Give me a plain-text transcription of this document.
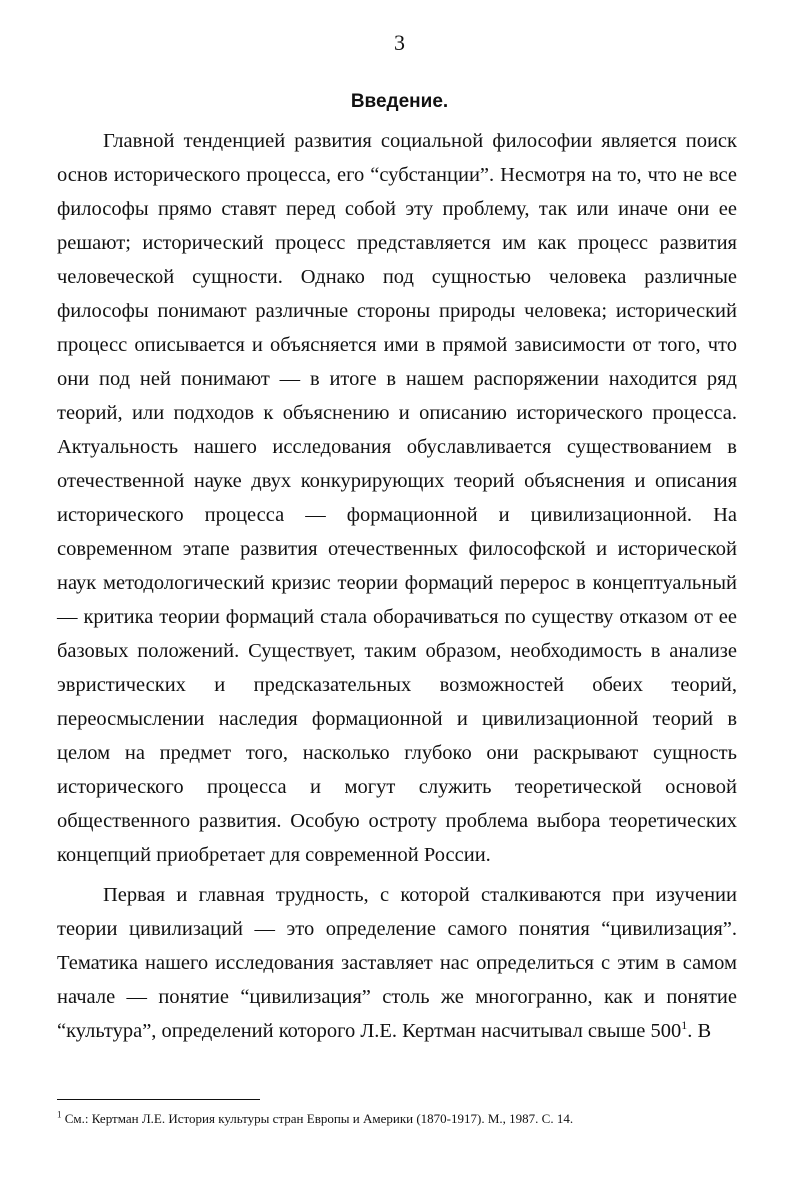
3
Введение.

Главной тенденцией развития социальной философии является поиск основ исторического процесса, его “субстанции”. Несмотря на то, что не все философы прямо ставят перед собой эту проблему, так или иначе они ее решают; исторический процесс представляется им как процесс развития человеческой сущности. Однако под сущностью человека различные философы понимают различные стороны природы человека; исторический процесс описывается и объясняется ими в прямой зависимости от того, что они под ней понимают — в итоге в нашем распоряжении находится ряд теорий, или подходов к объяснению и описанию исторического процесса. Актуальность нашего исследования обуславливается существованием в отечественной науке двух конкурирующих теорий объяснения и описания исторического процесса — формационной и цивилизационной. На современном этапе развития отечественных философской и исторической наук методологический кризис теории формаций перерос в концептуальный — критика теории формаций стала оборачиваться по существу отказом от ее базовых положений. Существует, таким образом, необходимость в анализе эвристических и предсказательных возможностей обеих теорий, переосмыслении наследия формационной и цивилизационной теорий в целом на предмет того, насколько глубоко они раскрывают сущность исторического процесса и могут служить теоретической основой общественного развития. Особую остроту проблема выбора теоретических концепций приобретает для современной России.

Первая и главная трудность, с которой сталкиваются при изучении теории цивилизаций — это определение самого понятия “цивилизация”. Тематика нашего исследования заставляет нас определиться с этим в самом начале — понятие “цивилизация” столь же многогранно, как и понятие “культура”, определений которого Л.Е. Кертман насчитывал свыше 500$^1$. В

$^1$ См.: Кертман Л.Е. История культуры стран Европы и Америки (1870-1917). М., 1987. С. 14.
